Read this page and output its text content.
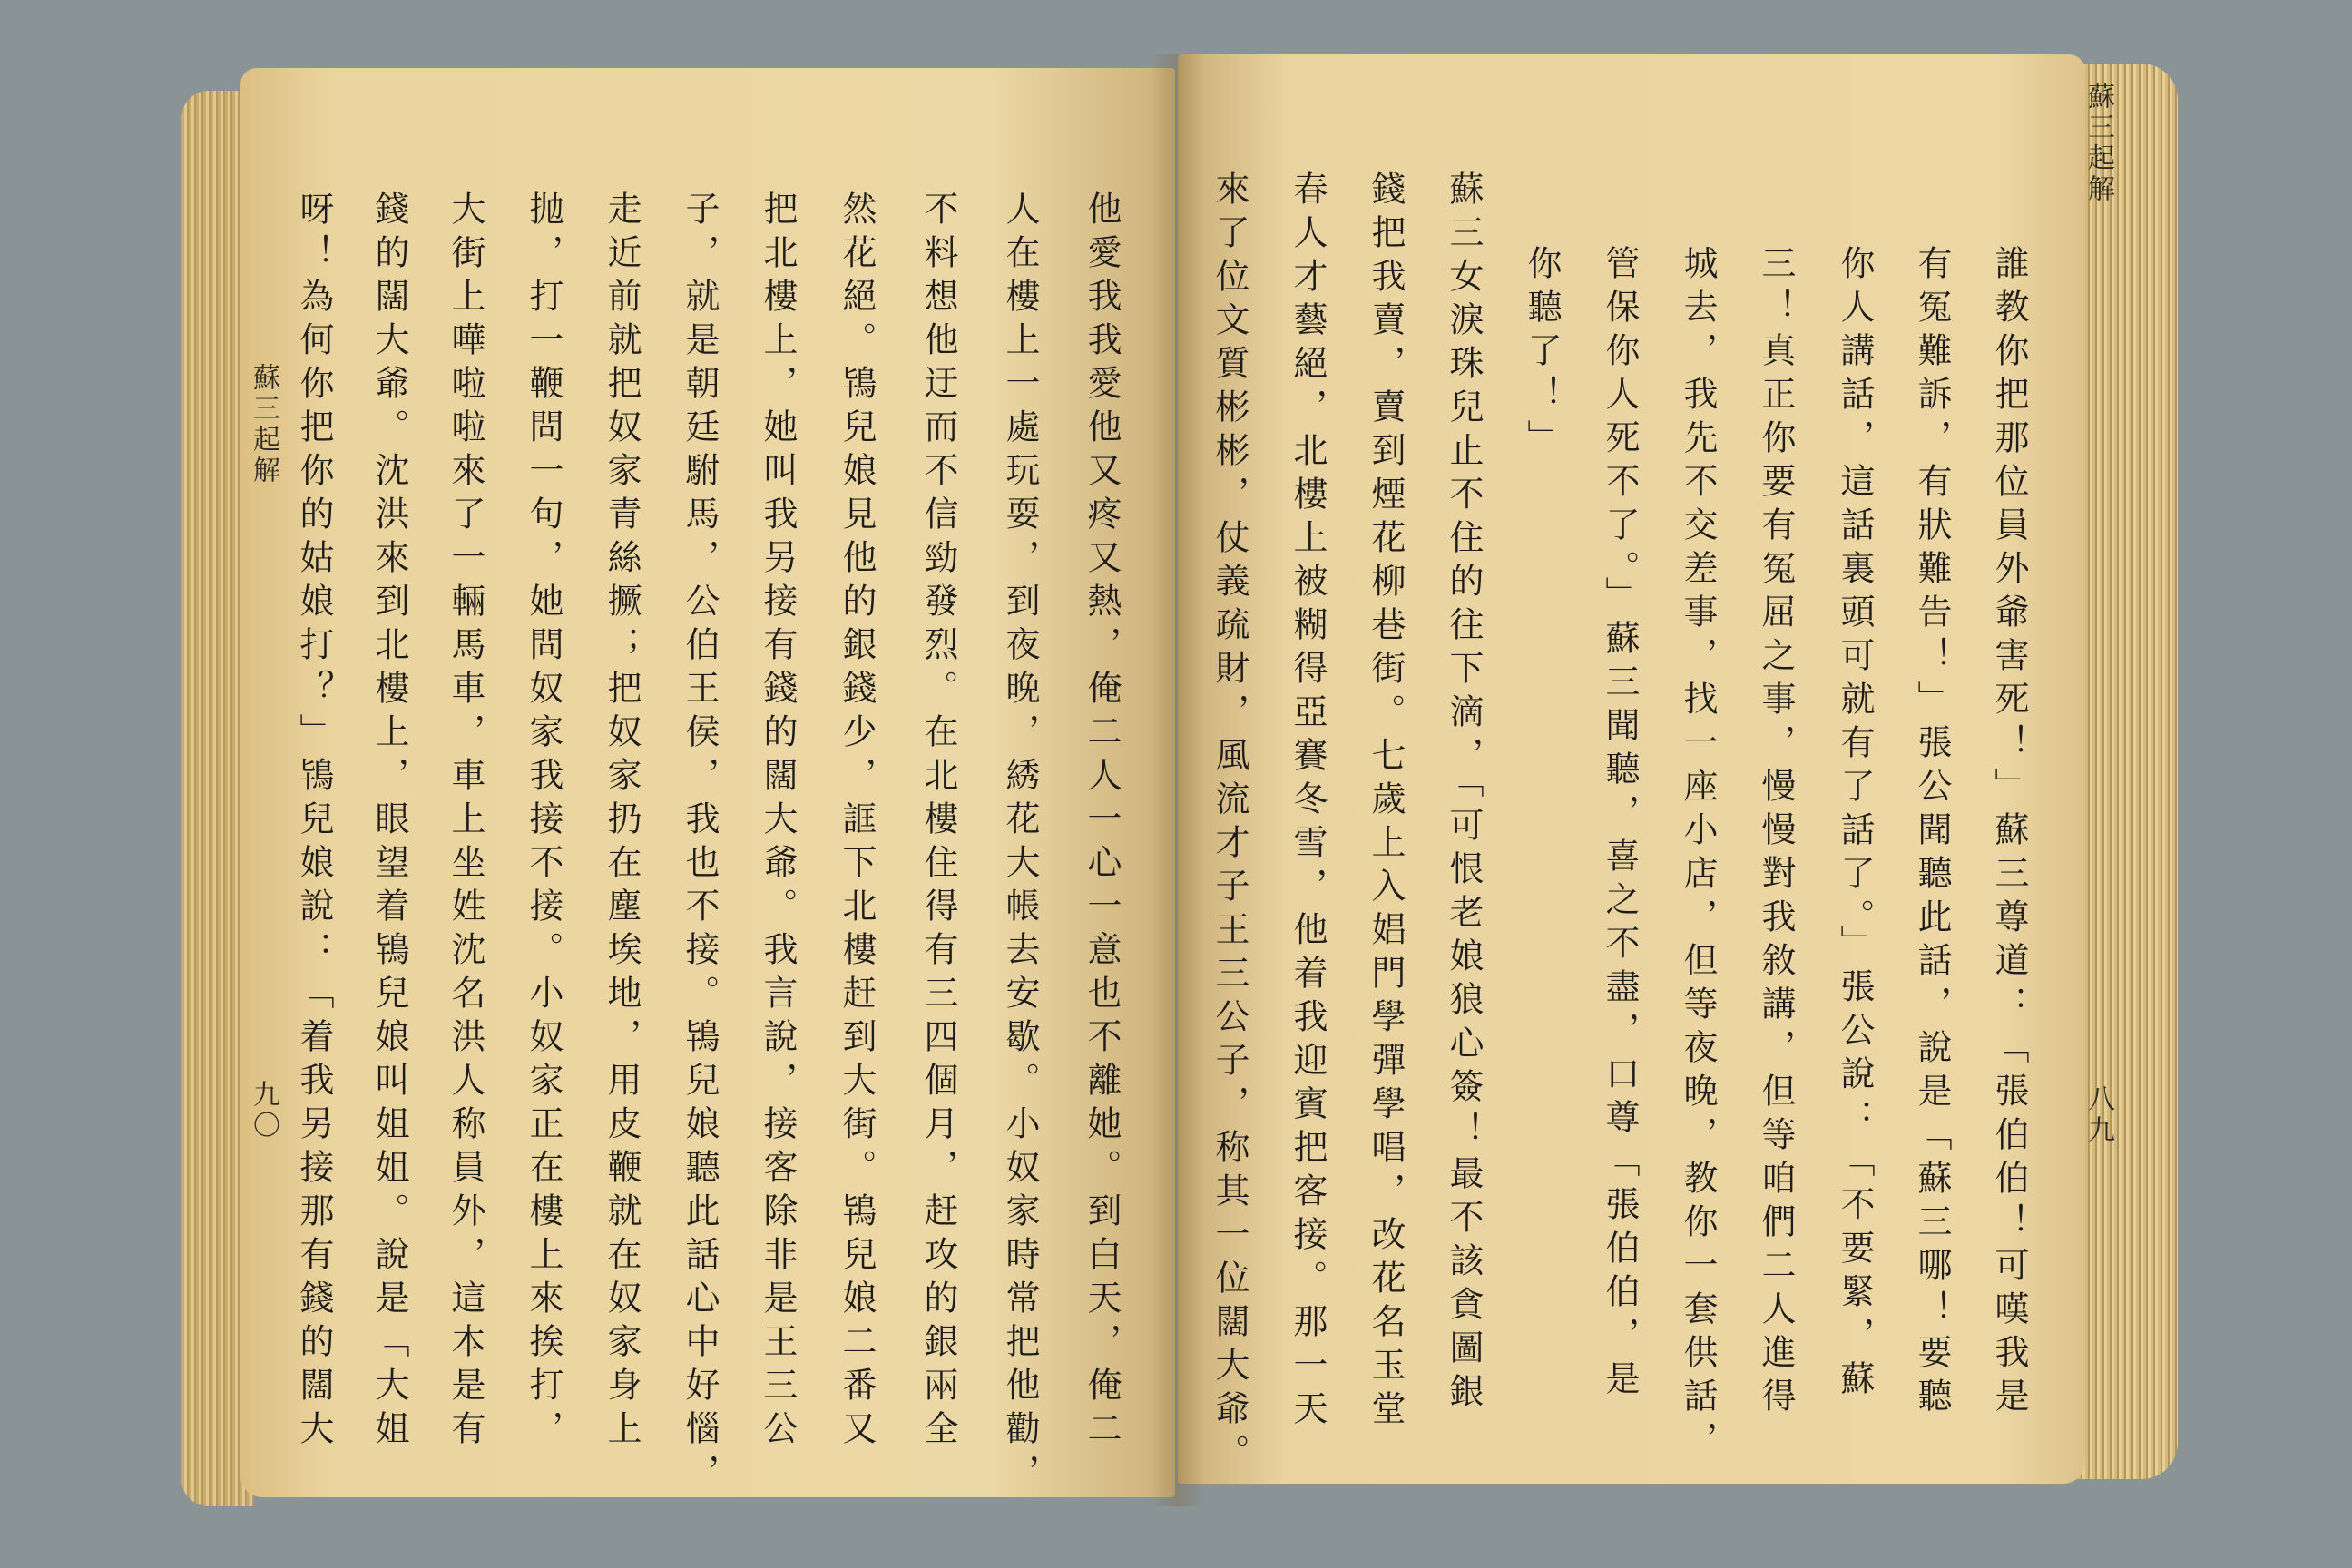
蘇三起解
九〇	他愛我我愛他又疼又熱，俺二人一心一意也不離她。到白天，俺二
人在樓上一處玩耍，到夜晚，綉花大帳去安歇。小奴家時常把他勸，
不料想他迂而不信勁發烈。在北樓住得有三四個月，赶攻的銀兩全
然花絕。鴇兒娘見他的銀錢少，誆下北樓赶到大街。鴇兒娘二番又
把北樓上，她叫我另接有錢的闊大爺。我言說，接客除非是王三公
子，就是朝廷駙馬，公伯王侯，我也不接。鴇兒娘聽此話心中好惱，
走近前就把奴家青絲撅；把奴家扔在塵埃地，用皮鞭就在奴家身上
抛，打一鞭問一句，她問奴家我接不接。小奴家正在樓上來挨打，
大街上嘩啦啦來了一輛馬車，車上坐姓沈名洪人称員外，這本是有
錢的闊大爺。沈洪來到北樓上，眼望着鴇兒娘叫姐姐。說是「大姐
呀！為何你把你的姑娘打？」鴇兒娘說：「着我另接那有錢的闊大
蘇三起解
八九
誰教你把那位員外爺害死！」蘇三尊道：「張伯伯！可嘆我是
有冤難訴，有狀難告！」張公聞聽此話，說是「蘇三哪！要聽
你人講話，這話裏頭可就有了話了。」張公說：「不要緊，蘇
三！真正你要有冤屈之事，慢慢對我敘講，但等咱們二人進得
城去，我先不交差事，找一座小店，但等夜晚，教你一套供話，
管保你人死不了。」蘇三聞聽，喜之不盡，口尊「張伯伯，是
你聽了！」
蘇三女淚珠兒止不住的往下滴，「可恨老娘狼心簽！最不該貪圖銀
錢把我賣，賣到煙花柳巷街。七歲上入娼門學彈學唱，改花名玉堂
春人才藝絕，北樓上被糊得亞賽冬雪，他着我迎賓把客接。那一天
來了位文質彬彬，仗義疏財，風流才子王三公子，称其一位闊大爺。
